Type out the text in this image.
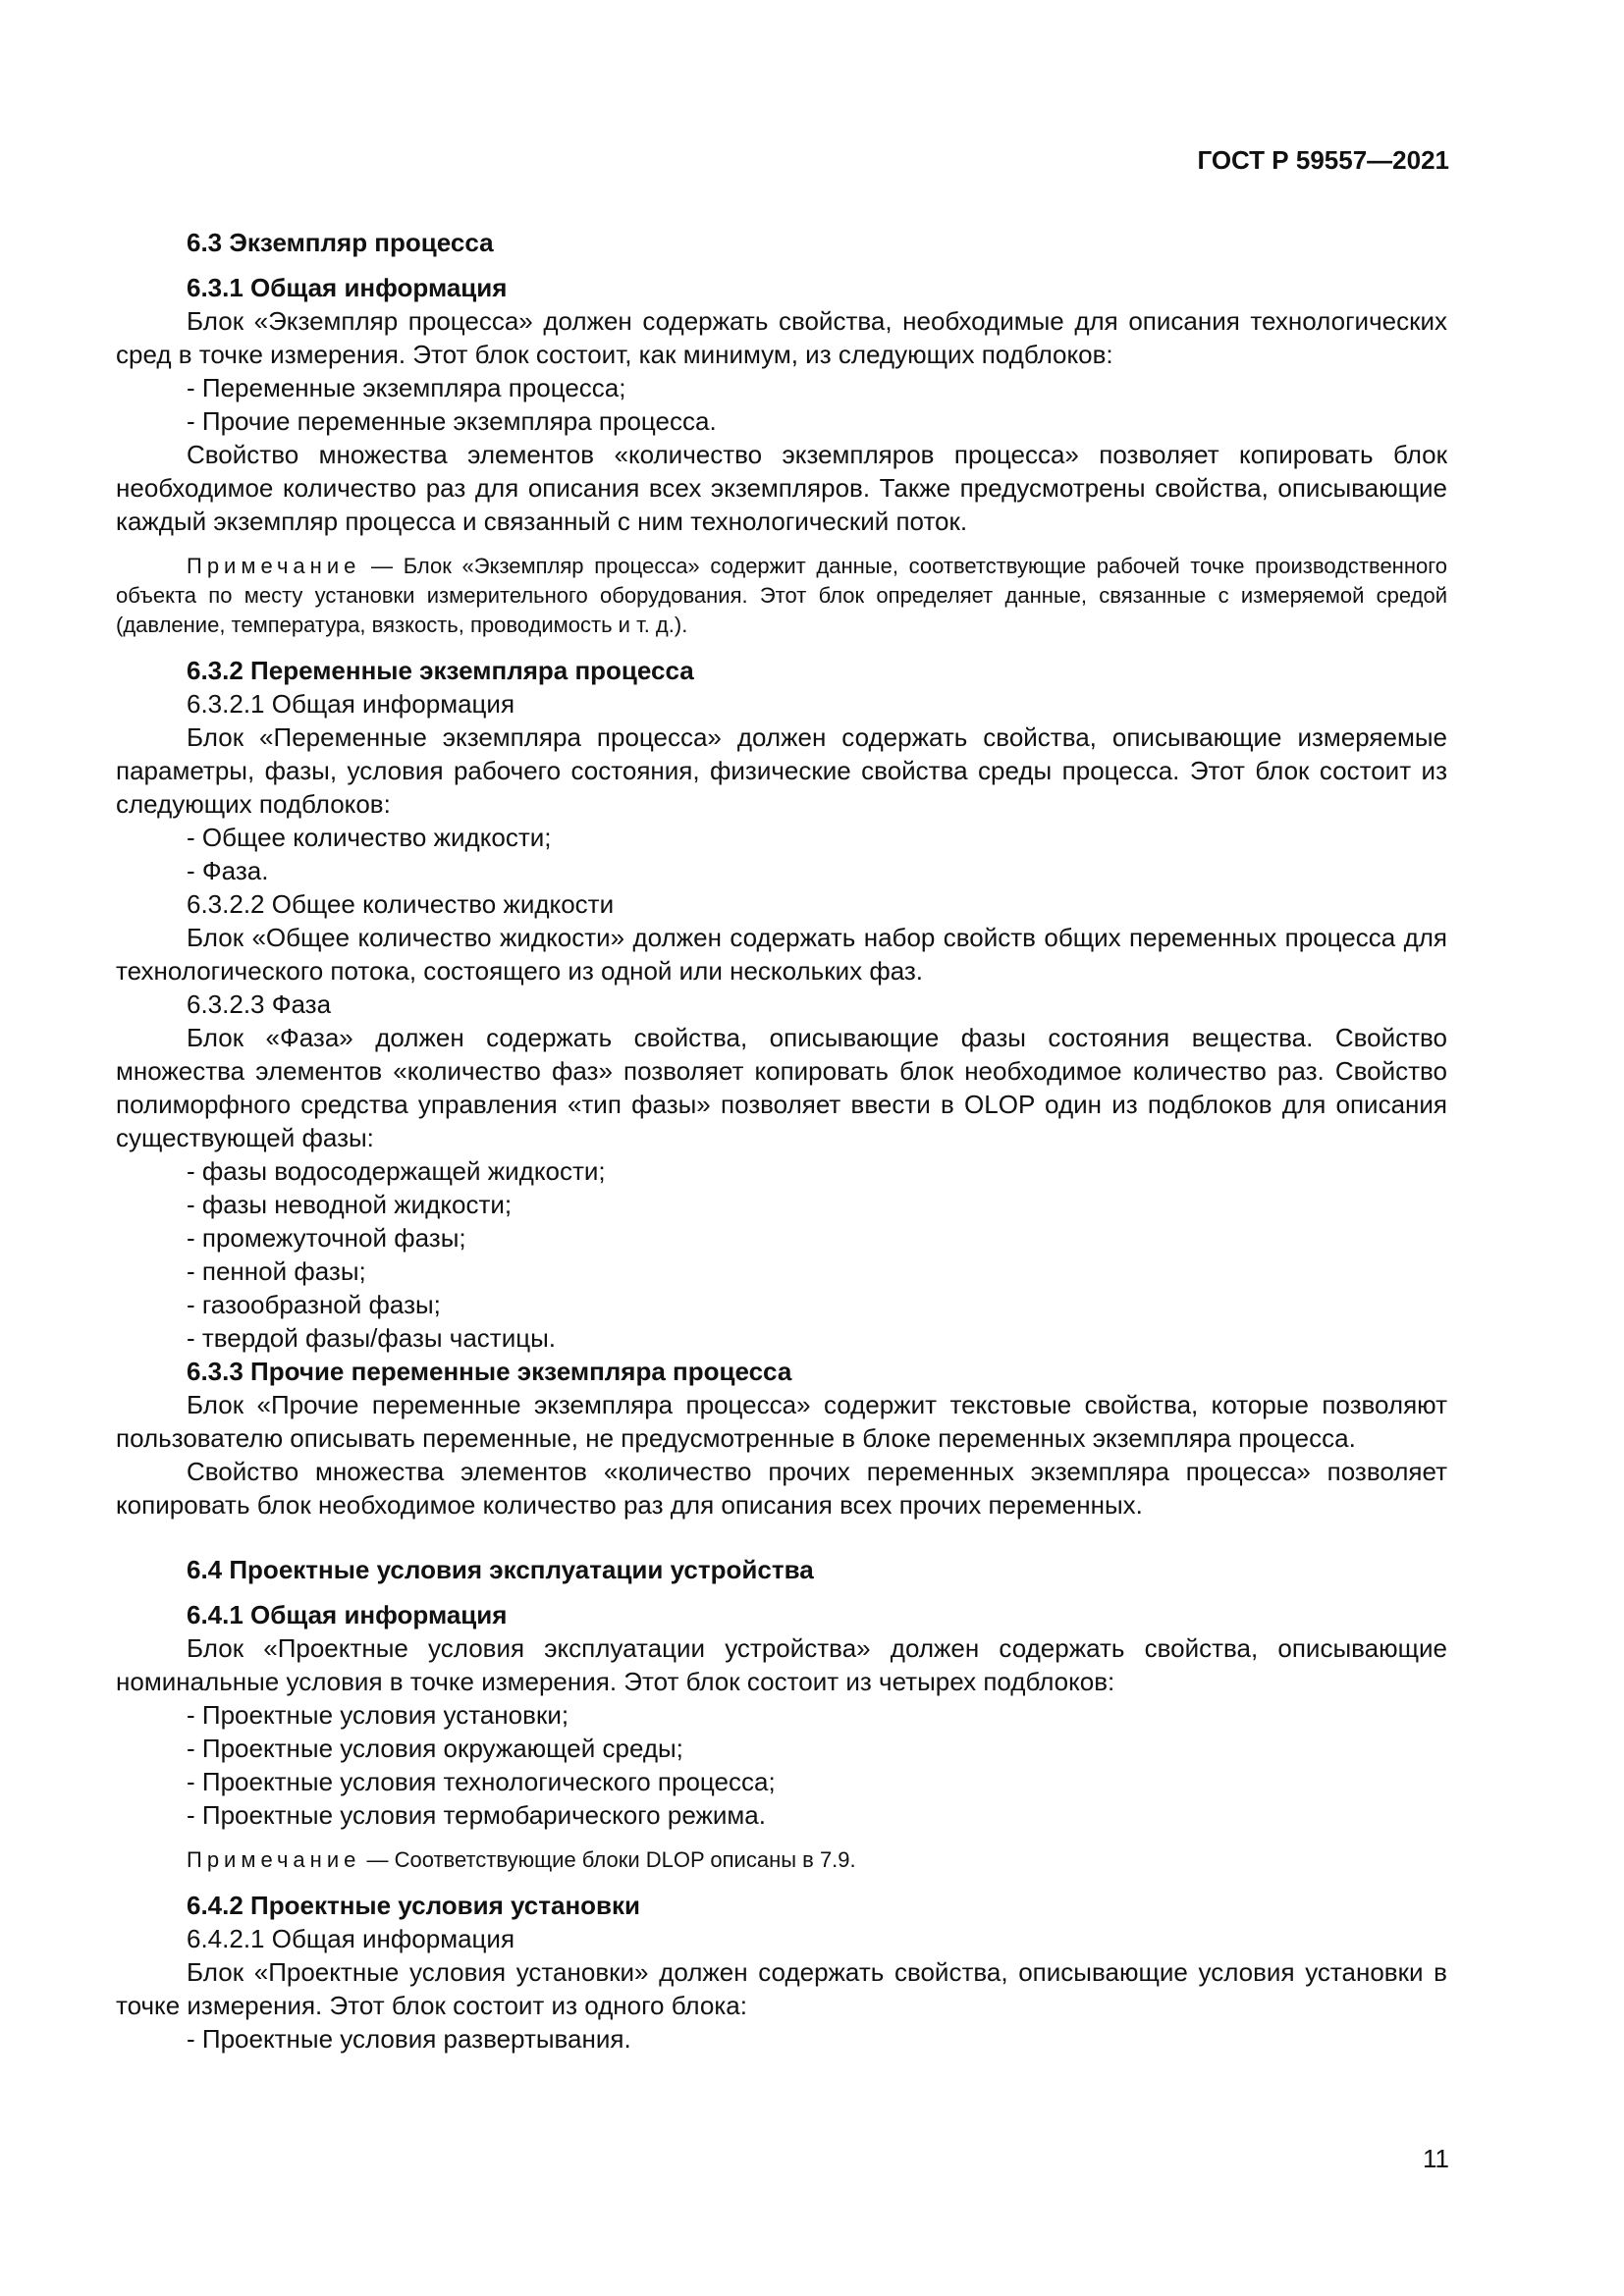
ГОСТ Р 59557—2021

6.3 Экземпляр процесса

6.3.1 Общая информация

Блок «Экземпляр процесса» должен содержать свойства, необходимые для описания технологических сред в точке измерения. Этот блок состоит, как минимум, из следующих подблоков:

- Переменные экземпляра процесса;

- Прочие переменные экземпляра процесса.

Свойство множества элементов «количество экземпляров процесса» позволяет копировать блок необходимое количество раз для описания всех экземпляров. Также предусмотрены свойства, описывающие каждый экземпляр процесса и связанный с ним технологический поток.

Примечание — Блок «Экземпляр процесса» содержит данные, соответствующие рабочей точке производственного объекта по месту установки измерительного оборудования. Этот блок определяет данные, связанные с измеряемой средой (давление, температура, вязкость, проводимость и т. д.).

6.3.2 Переменные экземпляра процесса

6.3.2.1 Общая информация

Блок «Переменные экземпляра процесса» должен содержать свойства, описывающие измеряемые параметры, фазы, условия рабочего состояния, физические свойства среды процесса. Этот блок состоит из следующих подблоков:

- Общее количество жидкости;

- Фаза.

6.3.2.2 Общее количество жидкости

Блок «Общее количество жидкости» должен содержать набор свойств общих переменных процесса для технологического потока, состоящего из одной или нескольких фаз.

6.3.2.3 Фаза

Блок «Фаза» должен содержать свойства, описывающие фазы состояния вещества. Свойство множества элементов «количество фаз» позволяет копировать блок необходимое количество раз. Свойство полиморфного средства управления «тип фазы» позволяет ввести в OLOP один из подблоков для описания существующей фазы:

- фазы водосодержащей жидкости;

- фазы неводной жидкости;

- промежуточной фазы;

- пенной фазы;

- газообразной фазы;

- твердой фазы/фазы частицы.

6.3.3 Прочие переменные экземпляра процесса

Блок «Прочие переменные экземпляра процесса» содержит текстовые свойства, которые позволяют пользователю описывать переменные, не предусмотренные в блоке переменных экземпляра процесса.

Свойство множества элементов «количество прочих переменных экземпляра процесса» позволяет копировать блок необходимое количество раз для описания всех прочих переменных.

6.4 Проектные условия эксплуатации устройства

6.4.1 Общая информация

Блок «Проектные условия эксплуатации устройства» должен содержать свойства, описывающие номинальные условия в точке измерения. Этот блок состоит из четырех подблоков:

- Проектные условия установки;

- Проектные условия окружающей среды;

- Проектные условия технологического процесса;

- Проектные условия термобарического режима.

Примечание — Соответствующие блоки DLOP описаны в 7.9.

6.4.2 Проектные условия установки

6.4.2.1 Общая информация

Блок «Проектные условия установки» должен содержать свойства, описывающие условия установки в точке измерения. Этот блок состоит из одного блока:

- Проектные условия развертывания.

11
